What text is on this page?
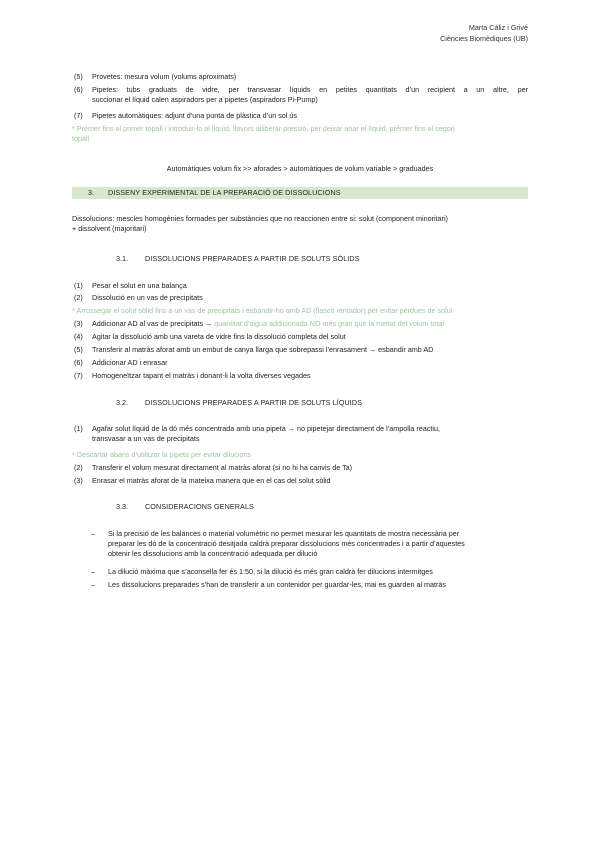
Marta Càliz i Grivé
Ciències Biomèdiques (UB)
(5) Provetes: mesura volum (volums aproximats)
(6) Pipetes: tubs graduats de vidre, per transvasar líquids en petites quantitats d’un recipient a un altre, per
succionar el líquid calen aspiradors per a pipetes (aspiradors Pi-Pump)
(7) Pipetes automàtiques: adjunt d’una punta de plàstica d’un sol ús
* Prémer fins al primer topall i introduir-lo al líquid, llavors alliberar pressió, per deixar anar el líquid, prémer fins al segon
topall
Automàtiques volum fix >> aforades > automàtiques de volum variable > graduades
3. DISSENY EXPERIMENTAL DE LA PREPARACIÓ DE DISSOLUCIONS
Dissolucions: mescles homogènies formades per substàncies que no reaccionen entre si: solut (component minoritari)
+ dissolvent (majoritari)
3.1. DISSOLUCIONS PREPARADES A PARTIR DE SOLUTS SÒLIDS
(1) Pesar el solut en una balança
(2) Dissolució en un vas de precipitats
* Arrossegar el solut sòlid fins a un vas de precipitats i esbandir-ho amb AD (flascó rentador) per evitar pèrdues de solut
(3) Addicionar AD al vas de precipitats → quantitat d’aigua addicionada NO més gran que la meitat del volum total
(4) Agitar la dissolució amb una vareta de vidre fins la dissolució completa del solut
(5) Transferir al matràs aforat amb un embut de canya llarga que sobrepassi l’enrasament → esbandir amb AD
(6) Addicionar AD i enrasar
(7) Homogeneïtzar tapant el matràs i donant-li la volta diverses vegades
3.2. DISSOLUCIONS PREPARADES A PARTIR DE SOLUTS LÍQUIDS
(1) Agafar solut líquid de la dó més concentrada amb una pipeta → no pipetejar directament de l’ampolla reactiu,
transvasar a un vas de precipitats
* Descartar abans d’utilitzar la pipeta per evitar dilucions
(2) Transferir el volum mesurat directament al matràs aforat (si no hi ha canvis de Ta)
(3) Enrasar el matràs aforat de la mateixa manera que en el cas del solut sòlid
3.3. CONSIDERACIONS GENERALS
– Si la precisió de les balances o material volumètric no permet mesurar les quantitats de mostra necessària per
preparar les dó de la concentració desitjada caldrà preparar dissolucions més concentrades i a partir d’aquestes
obtenir les dissolucions amb la concentració adequada per dilució
– La dilució màxima que s’aconsella fer és 1:50, si la dilució és més gran caldrà fer dilucions intermitges
– Les dissolucions preparades s’han de transferir a un contenidor per guardar-les, mai es guarden al matràs
